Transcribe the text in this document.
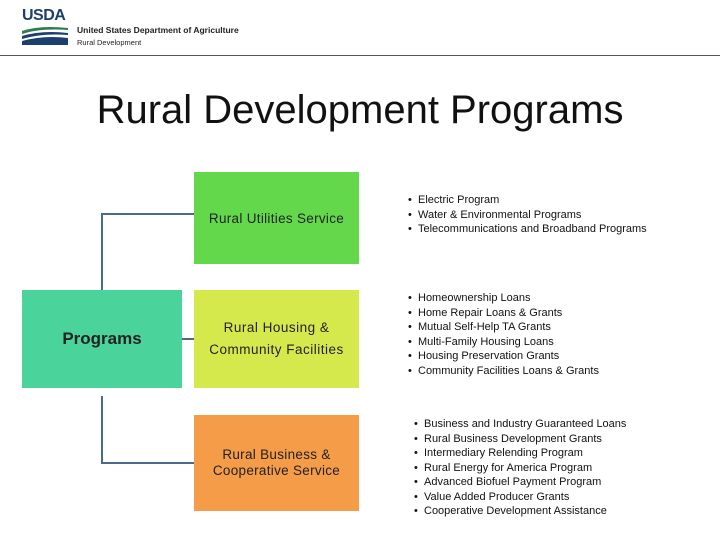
USDA
United States Department of Agriculture
Rural Development
Rural Development Programs
Programs
Rural Utilities Service
Rural Housing &
Community Facilities
Rural Business &
Cooperative Service
• Electric Program
• Water & Environmental Programs
• Telecommunications and Broadband Programs
• Homeownership Loans
• Home Repair Loans & Grants
• Mutual Self-Help TA Grants
• Multi-Family Housing Loans
• Housing Preservation Grants
• Community Facilities Loans & Grants
• Business and Industry Guaranteed Loans
• Rural Business Development Grants
• Intermediary Relending Program
• Rural Energy for America Program
• Advanced Biofuel Payment Program
• Value Added Producer Grants
• Cooperative Development Assistance
